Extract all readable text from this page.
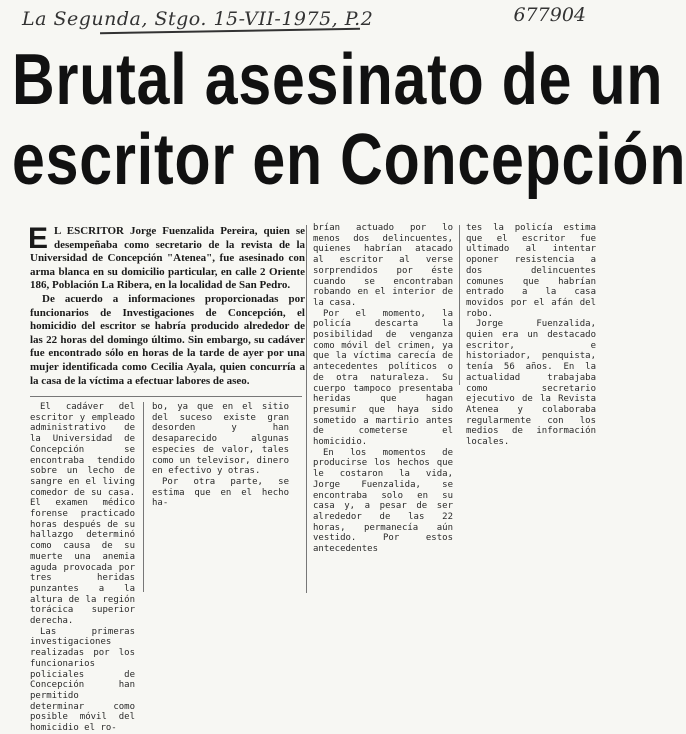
La Segunda, Stgo. 15-VII-1975, P.2	677904
Brutal asesinato de un
escritor en Concepción
E L ESCRITOR Jorge Fuenzalida Pereira, quien se desempeñaba como secretario de la revista de la Universidad de Concepción "Atenea", fue asesinado con arma blanca en su domicilio particular, en calle 2 Oriente 186, Población La Ribera, en la localidad de San Pedro.

De acuerdo a informaciones proporcionadas por funcionarios de Investigaciones de Concepción, el homicidio del escritor se habría producido alrededor de las 22 horas del domingo último. Sin embargo, su cadáver fue encontrado sólo en horas de la tarde de ayer por una mujer identificada como Cecilia Ayala, quien concurría a la casa de la víctima a efectuar labores de aseo.

El cadáver del escritor y empleado administrativo de la Universidad de Concepción se encontraba tendido sobre un lecho de sangre en el living comedor de su casa. El examen médico forense practicado horas después de su hallazgo determinó como causa de su muerte una anemia aguda provocada por tres heridas punzantes a la altura de la región torácica superior derecha.

Las primeras investigaciones realizadas por los funcionarios policiales de Concepción han permitido determinar como posible móvil del homicidio el ro-

bo, ya que en el sitio del suceso existe gran desorden y han desaparecido algunas especies de valor, tales como un televisor, dinero en efectivo y otras.

Por otra parte, se estima que en el hecho ha-

brían actuado por lo menos dos delincuentes, quienes habrían atacado al escritor al verse sorprendidos por éste cuando se encontraban robando en el interior de la casa.

Por el momento, la policía descarta la posibilidad de venganza como móvil del crimen, ya que la víctima carecía de antecedentes políticos o de otra naturaleza. Su cuerpo tampoco presentaba heridas que hagan presumir que haya sido sometido a martirio antes de cometerse el homicidio.

En los momentos de producirse los hechos que le costaron la vida, Jorge Fuenzalida, se encontraba solo en su casa y, a pesar de ser alrededor de las 22 horas, permanecía aún vestido. Por estos antecedentes

tes la policía estima que el escritor fue ultimado al intentar oponer resistencia a dos delincuentes comunes que habrían entrado a la casa movidos por el afán del robo.

Jorge Fuenzalida, quien era un destacado escritor, e historiador, penquista, tenía 56 años. En la actualidad trabajaba como secretario ejecutivo de la Revista Atenea y colaboraba regularmente con los medios de información locales.
